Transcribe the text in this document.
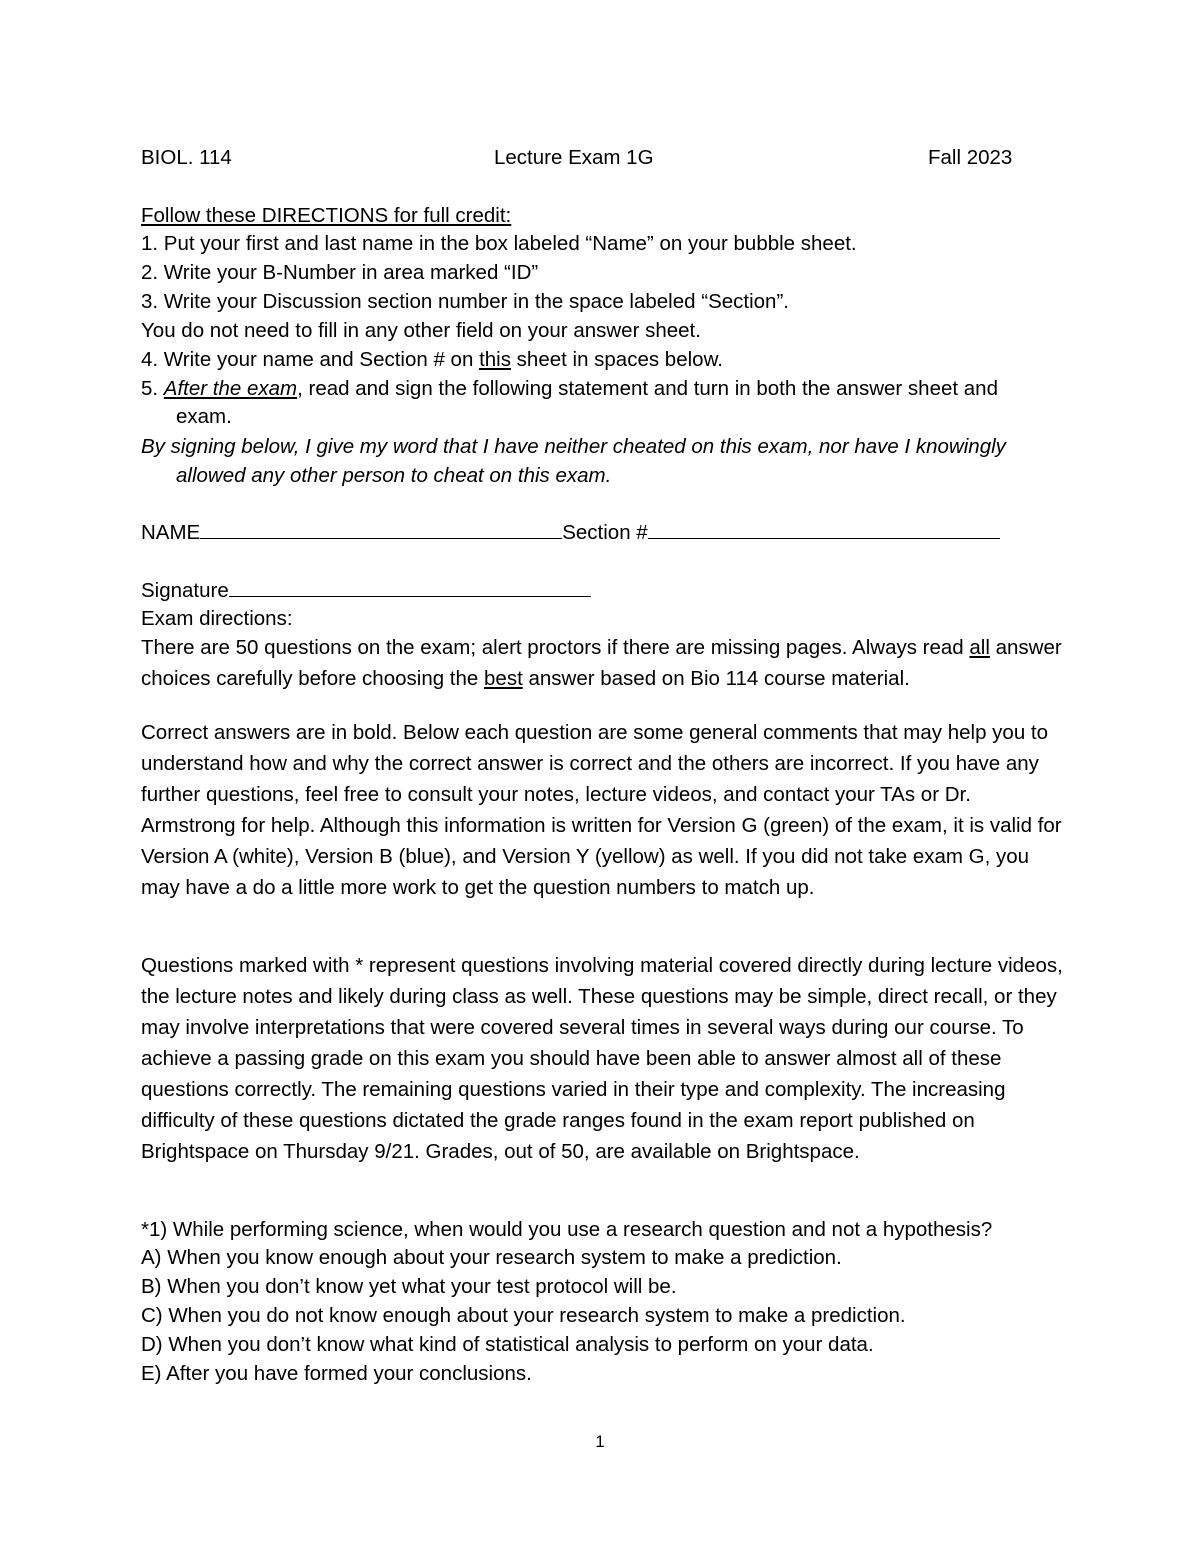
BIOL. 114	Lecture Exam 1G	Fall 2023
Follow these DIRECTIONS for full credit:
1. Put your first and last name in the box labeled “Name” on your bubble sheet.
2. Write your B-Number in area marked “ID”
3. Write your Discussion section number in the space labeled “Section”.
You do not need to fill in any other field on your answer sheet.
4. Write your name and Section # on this sheet in spaces below.
5. After the exam, read and sign the following statement and turn in both the answer sheet and
exam.
By signing below, I give my word that I have neither cheated on this exam, nor have I knowingly
allowed any other person to cheat on this exam.
NAME	Section #
Signature
Exam directions:
There are 50 questions on the exam; alert proctors if there are missing pages. Always read all answer choices carefully before choosing the best answer based on Bio 114 course material.
Correct answers are in bold. Below each question are some general comments that may help you to understand how and why the correct answer is correct and the others are incorrect. If you have any further questions, feel free to consult your notes, lecture videos, and contact your TAs or Dr. Armstrong for help. Although this information is written for Version G (green) of the exam, it is valid for Version A (white), Version B (blue), and Version Y (yellow) as well. If you did not take exam G, you may have a do a little more work to get the question numbers to match up.
Questions marked with * represent questions involving material covered directly during lecture videos, the lecture notes and likely during class as well. These questions may be simple, direct recall, or they may involve interpretations that were covered several times in several ways during our course. To achieve a passing grade on this exam you should have been able to answer almost all of these questions correctly. The remaining questions varied in their type and complexity. The increasing difficulty of these questions dictated the grade ranges found in the exam report published on Brightspace on Thursday 9/21. Grades, out of 50, are available on Brightspace.
*1) While performing science, when would you use a research question and not a hypothesis?
A) When you know enough about your research system to make a prediction.
B) When you don’t know yet what your test protocol will be.
C) When you do not know enough about your research system to make a prediction.
D) When you don’t know what kind of statistical analysis to perform on your data.
E) After you have formed your conclusions.
1
